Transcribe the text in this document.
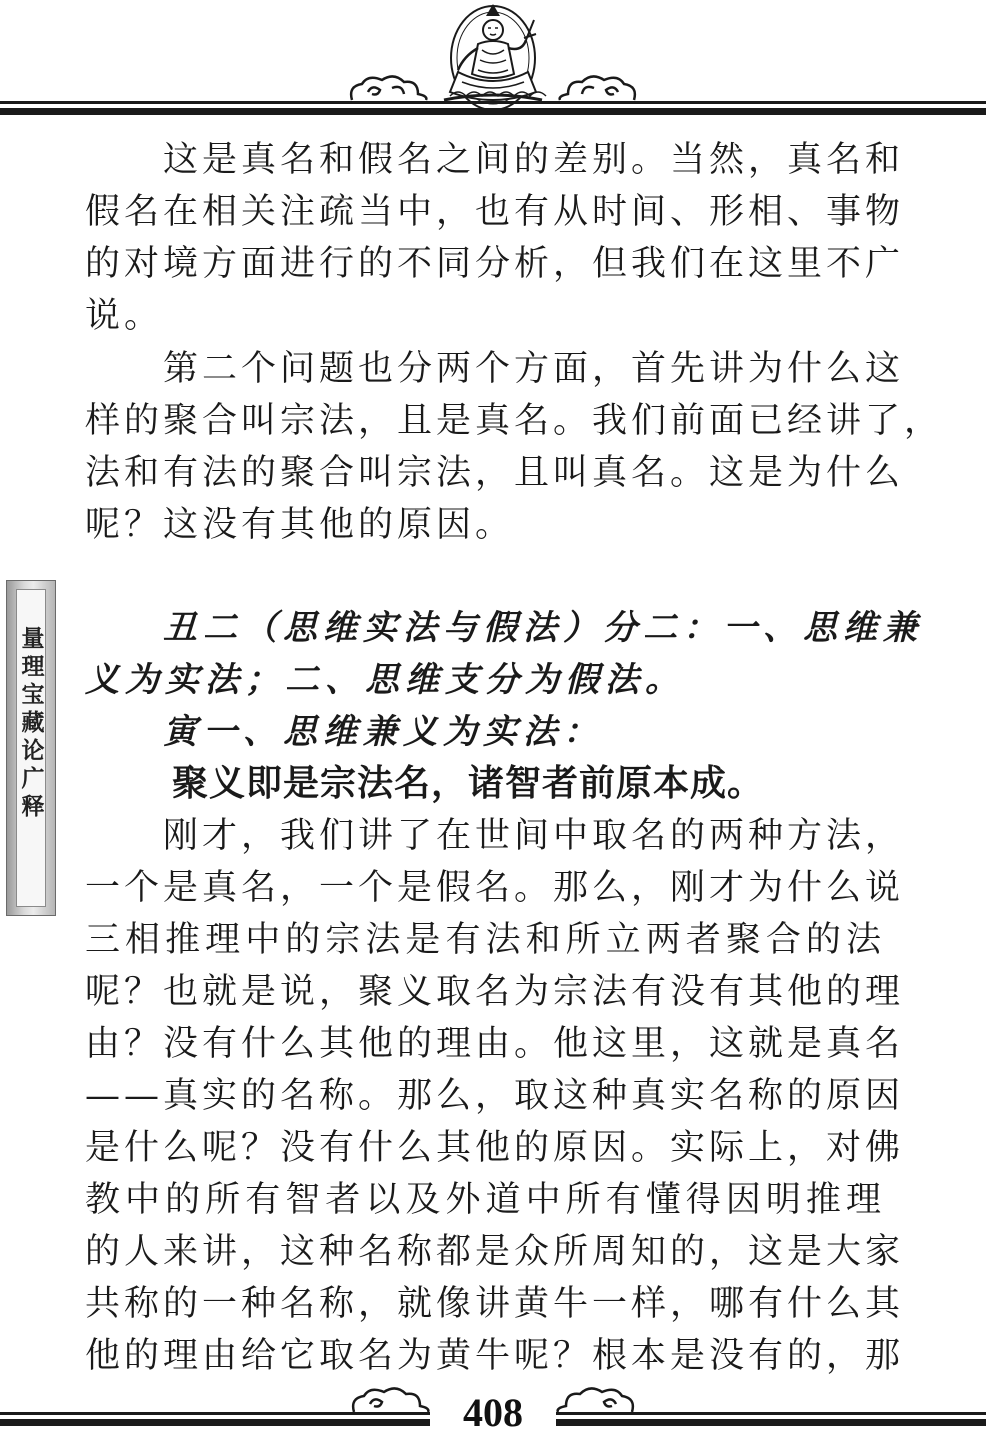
量理宝藏论广释
这是真名和假名之间的差别。当然，真名和
假名在相关注疏当中，也有从时间、形相、事物
的对境方面进行的不同分析，但我们在这里不广
说。
第二个问题也分两个方面，首先讲为什么这
样的聚合叫宗法，且是真名。我们前面已经讲了，
法和有法的聚合叫宗法，且叫真名。这是为什么
呢？这没有其他的原因。
丑二（思维实法与假法）分二：一、思维兼
义为实法；二、思维支分为假法。
寅一、思维兼义为实法：
聚义即是宗法名，诸智者前原本成。
刚才，我们讲了在世间中取名的两种方法，
一个是真名，一个是假名。那么，刚才为什么说
三相推理中的宗法是有法和所立两者聚合的法
呢？也就是说，聚义取名为宗法有没有其他的理
由？没有什么其他的理由。他这里，这就是真名
——真实的名称。那么，取这种真实名称的原因
是什么呢？没有什么其他的原因。实际上，对佛
教中的所有智者以及外道中所有懂得因明推理
的人来讲，这种名称都是众所周知的，这是大家
共称的一种名称，就像讲黄牛一样，哪有什么其
他的理由给它取名为黄牛呢？根本是没有的，那
408
